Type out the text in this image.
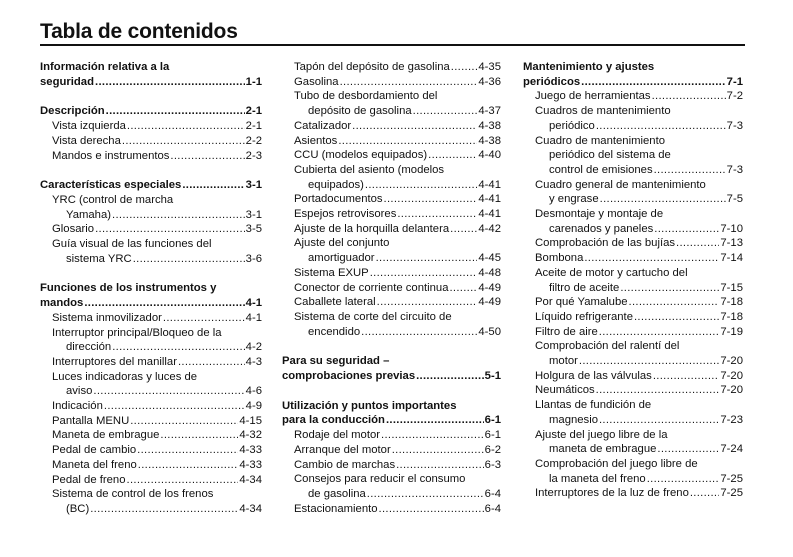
Tabla de contenidos
Información relativa a la
seguridad .....	1-1
Descripción .....	2-1
Vista izquierda .....	2-1
Vista derecha .....	2-2
Mandos e instrumentos .....	2-3
Características especiales .....	3-1
YRC (control de marcha
Yamaha) .....	3-1
Glosario .....	3-5
Guía visual de las funciones del
sistema YRC .....	3-6
Funciones de los instrumentos y
mandos .....	4-1
Sistema inmovilizador .....	4-1
Interruptor principal/Bloqueo de la
dirección .....	4-2
Interruptores del manillar .....	4-3
Luces indicadoras y luces de
aviso .....	4-6
Indicación .....	4-9
Pantalla MENU .....	4-15
Maneta de embrague .....	4-32
Pedal de cambio .....	4-33
Maneta del freno .....	4-33
Pedal de freno .....	4-34
Sistema de control de los frenos
(BC) .....	4-34
Tapón del depósito de gasolina .....	4-35
Gasolina .....	4-36
Tubo de desbordamiento del
depósito de gasolina .....	4-37
Catalizador .....	4-38
Asientos .....	4-38
CCU (modelos equipados) .....	4-40
Cubierta del asiento (modelos
equipados) .....	4-41
Portadocumentos .....	4-41
Espejos retrovisores .....	4-41
Ajuste de la horquilla delantera .....	4-42
Ajuste del conjunto
amortiguador .....	4-45
Sistema EXUP .....	4-48
Conector de corriente continua .....	4-49
Caballete lateral .....	4-49
Sistema de corte del circuito de
encendido .....	4-50
Para su seguridad –
comprobaciones previas .....	5-1
Utilización y puntos importantes
para la conducción .....	6-1
Rodaje del motor .....	6-1
Arranque del motor .....	6-2
Cambio de marchas .....	6-3
Consejos para reducir el consumo
de gasolina .....	6-4
Estacionamiento .....	6-4
Mantenimiento y ajustes
periódicos .....	7-1
Juego de herramientas .....	7-2
Cuadros de mantenimiento
periódico .....	7-3
Cuadro de mantenimiento
periódico del sistema de
control de emisiones .....	7-3
Cuadro general de mantenimiento
y engrase .....	7-5
Desmontaje y montaje de
carenados y paneles .....	7-10
Comprobación de las bujías .....	7-13
Bombona .....	7-14
Aceite de motor y cartucho del
filtro de aceite .....	7-15
Por qué Yamalube .....	7-18
Líquido refrigerante .....	7-18
Filtro de aire .....	7-19
Comprobación del ralentí del
motor .....	7-20
Holgura de las válvulas .....	7-20
Neumáticos .....	7-20
Llantas de fundición de
magnesio .....	7-23
Ajuste del juego libre de la
maneta de embrague .....	7-24
Comprobación del juego libre de
la maneta del freno .....	7-25
Interruptores de la luz de freno .....	7-25
